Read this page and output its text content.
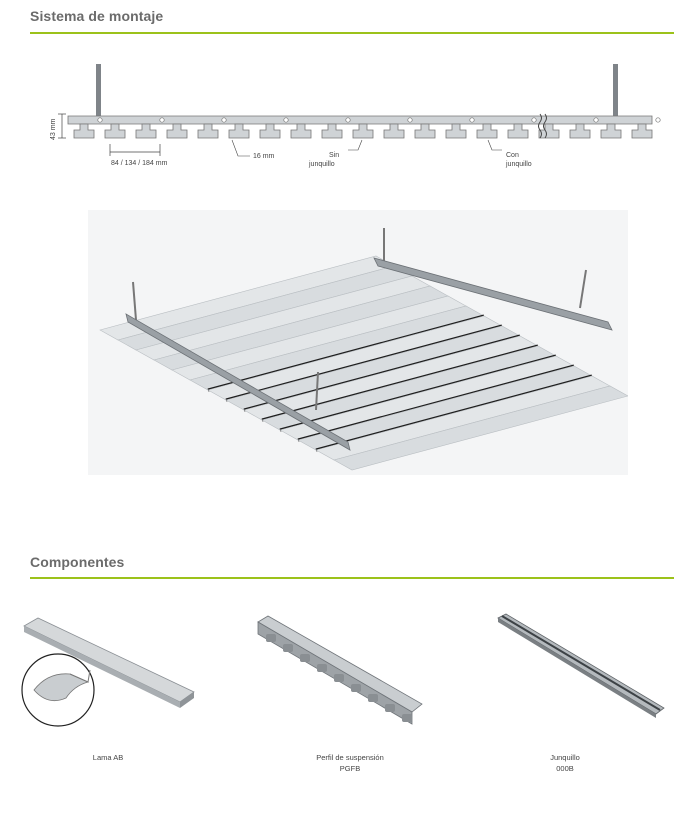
Sistema de montaje
43 mm
84 / 134 / 184 mm
16 mm	Sin
junquillo
Con
junquillo
Componentes
Lama AB	Perfil de suspensión
PGFB
Junquillo
000B
